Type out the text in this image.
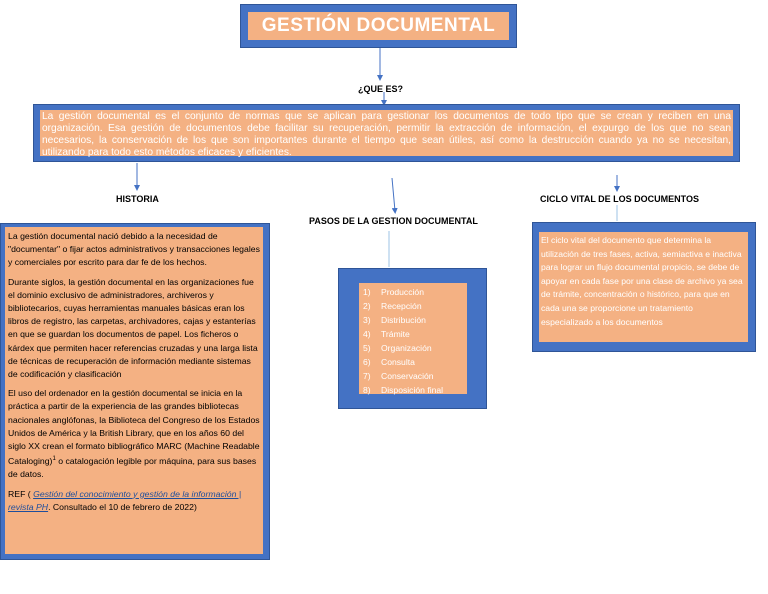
GESTIÓN DOCUMENTAL
¿QUE ES?
La gestión documental es el conjunto de normas que se aplican para gestionar los documentos de todo tipo que se crean y reciben en una organización. Esa gestión de documentos debe facilitar su recuperación, permitir la extracción de información, el expurgo de los que no sean necesarios, la conservación de los que son importantes durante el tiempo que sean útiles, así como la destrucción cuando ya no se necesitan, utilizando para todo esto métodos eficaces y eficientes.
HISTORIA
PASOS DE LA GESTION DOCUMENTAL
CICLO VITAL DE LOS DOCUMENTOS

La gestión documental nació debido a la necesidad de "documentar" o fijar actos administrativos y transacciones legales y comerciales por escrito para dar fe de los hechos.

Durante siglos, la gestión documental en las organizaciones fue el dominio exclusivo de administradores, archiveros y bibliotecarios, cuyas herramientas manuales básicas eran los libros de registro, las carpetas, archivadores, cajas y estanterías en que se guardan los documentos de papel. Los ficheros o kárdex que permiten hacer referencias cruzadas y una larga lista de técnicas de recuperación de información mediante sistemas de codificación y clasificación

El uso del ordenador en la gestión documental se inicia en la práctica a partir de la experiencia de las grandes bibliotecas nacionales anglófonas, la Biblioteca del Congreso de los Estados Unidos de América y la British Library, que en los años 60 del siglo XX crean el formato bibliográfico MARC (Machine Readable Cataloging)$^1$ o catalogación legible por máquina, para sus bases de datos.

REF ( Gestión del conocimiento y gestión de la información | revista PH. Consultado el 10 de febrero de 2022)

1) Producción
2) Recepción
3) Distribución
4) Trámite
5) Organización
6) Consulta
7) Conservación
8) Disposición final
El ciclo vital del documento que determina la utilización de tres fases, activa, semiactiva e inactiva para lograr un flujo documental propicio, se debe de apoyar en cada fase por una clase de archivo ya sea de trámite, concentración o histórico, para que en cada una se proporcione un tratamiento especializado a los documentos
